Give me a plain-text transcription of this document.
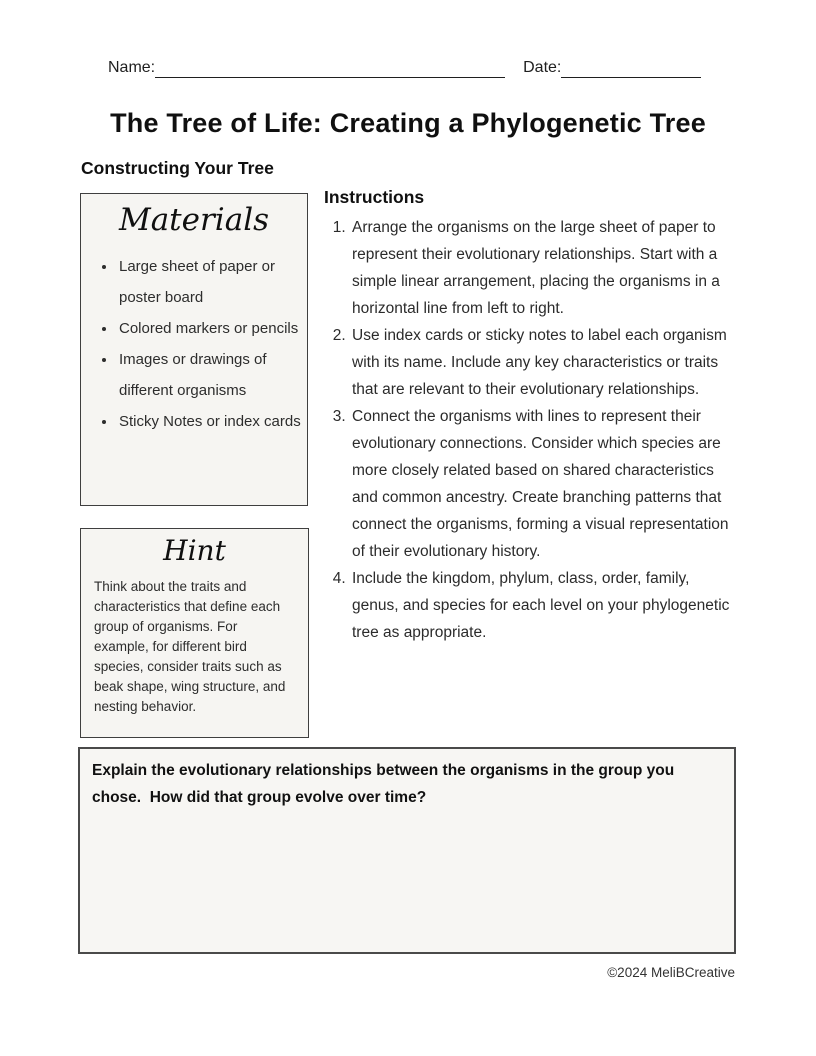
Name:	Date:
The Tree of Life: Creating a Phylogenetic Tree
Constructing Your Tree
Materials
• Large sheet of paper or poster board
• Colored markers or pencils
• Images or drawings of different organisms
• Sticky Notes or index cards
Instructions
1. Arrange the organisms on the large sheet of paper to represent their evolutionary relationships. Start with a simple linear arrangement, placing the organisms in a horizontal line from left to right.
2. Use index cards or sticky notes to label each organism with its name. Include any key characteristics or traits that are relevant to their evolutionary relationships.
3. Connect the organisms with lines to represent their evolutionary connections. Consider which species are more closely related based on shared characteristics and common ancestry. Create branching patterns that connect the organisms, forming a visual representation of their evolutionary history.
4. Include the kingdom, phylum, class, order, family, genus, and species for each level on your phylogenetic tree as appropriate.
Hint

Think about the traits and characteristics that define each group of organisms. For example, for different bird species, consider traits such as beak shape, wing structure, and nesting behavior.

Explain the evolutionary relationships between the organisms in the group you chose.  How did that group evolve over time?

©2024 MeliBCreative
